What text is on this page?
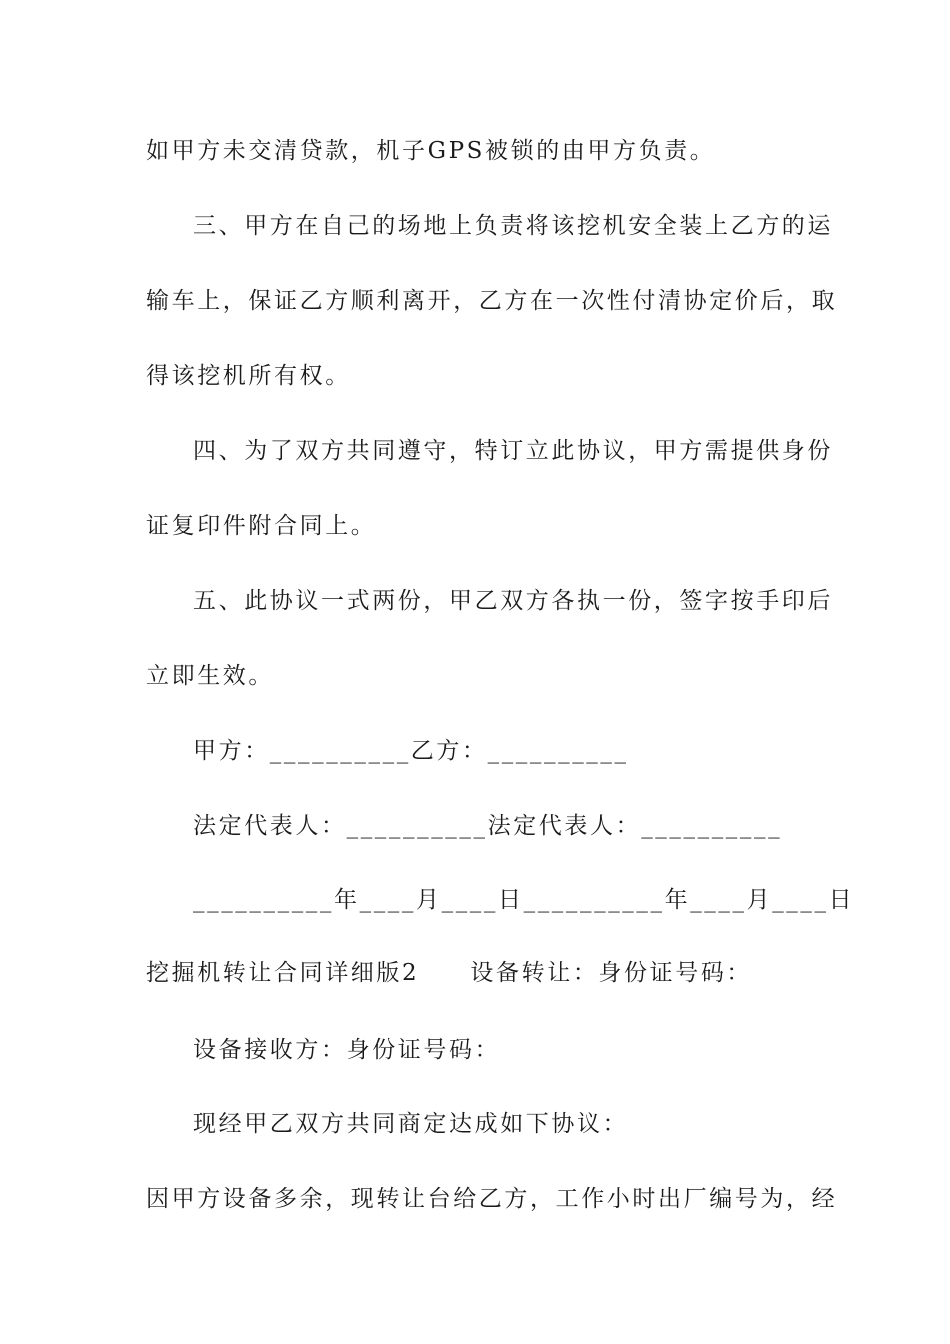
如甲方未交清贷款，机子GPS被锁的由甲方负责。
三、甲方在自己的场地上负责将该挖机安全装上乙方的运
输车上，保证乙方顺利离开，乙方在一次性付清协定价后，取
得该挖机所有权。
四、为了双方共同遵守，特订立此协议，甲方需提供身份
证复印件附合同上。
五、此协议一式两份，甲乙双方各执一份，签字按手印后
立即生效。
甲方：__________乙方：__________
法定代表人：__________法定代表人：__________
__________年____月____日__________年____月____日
挖掘机转让合同详细版2　　设备转让：身份证号码：
设备接收方：身份证号码：
现经甲乙双方共同商定达成如下协议：
因甲方设备多余，现转让台给乙方，工作小时出厂编号为，经
